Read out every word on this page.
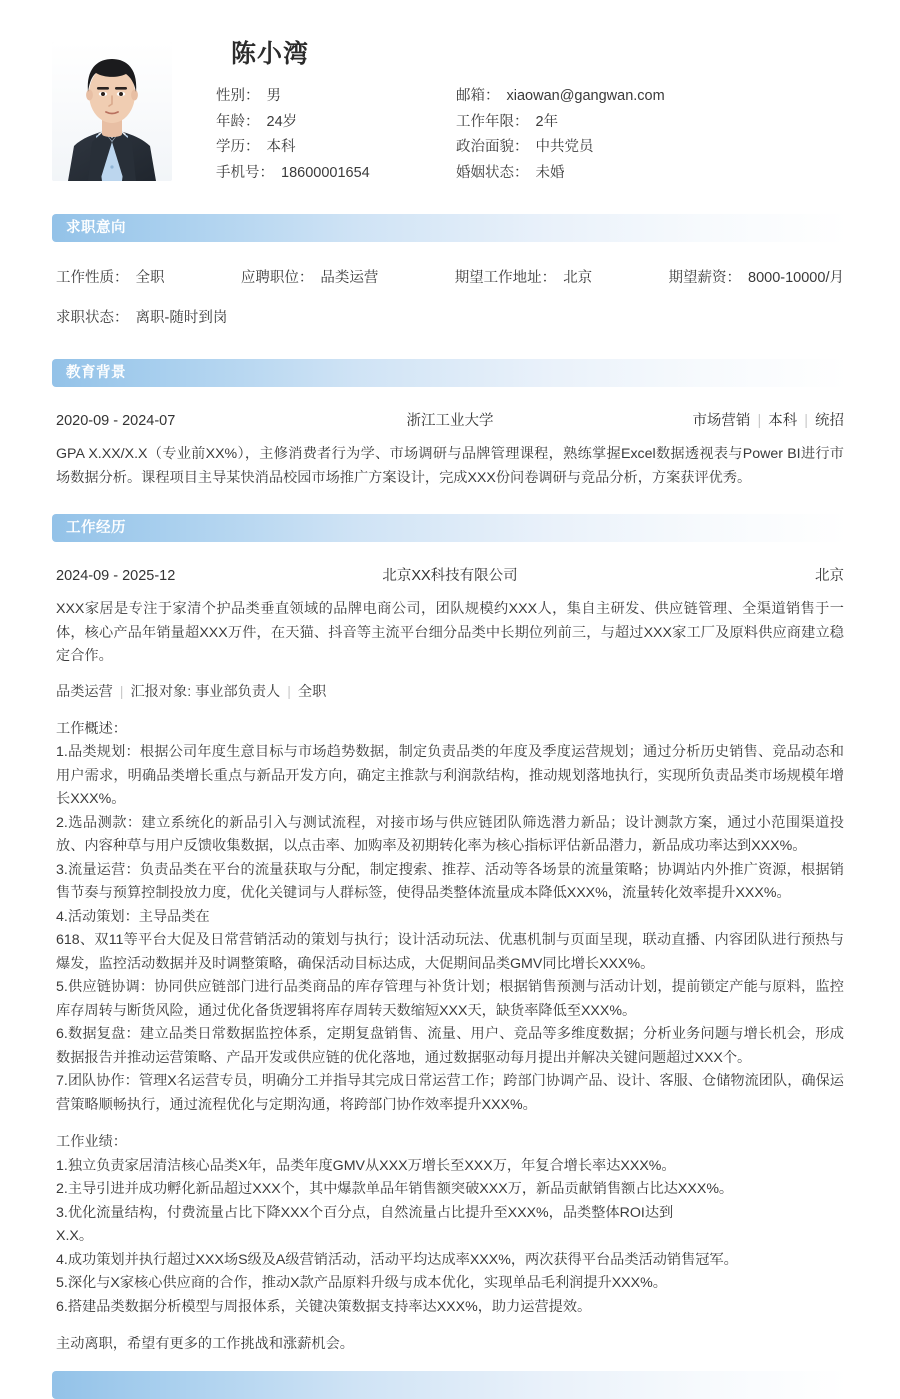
陈小湾
性别： 男	邮箱： xiaowan@gangwan.com
年龄： 24岁	工作年限： 2年
学历： 本科	政治面貌： 中共党员
手机号： 18600001654	婚姻状态： 未婚
求职意向
工作性质： 全职	应聘职位： 品类运营	期望工作地址： 北京	期望薪资： 8000-10000/月
求职状态： 离职-随时到岗
教育背景
2020-09 - 2024-07	浙江工业大学	市场营销 | 本科 | 统招
GPA X.XX/X.X（专业前XX%），主修消费者行为学、市场调研与品牌管理课程，熟练掌握Excel数据透视表与Power BI进行市场数据分析。课程项目主导某快消品校园市场推广方案设计，完成XXX份问卷调研与竞品分析，方案获评优秀。
工作经历
2024-09 - 2025-12	北京XX科技有限公司	北京
XXX家居是专注于家清个护品类垂直领域的品牌电商公司，团队规模约XXX人，集自主研发、供应链管理、全渠道销售于一体，核心产品年销量超XXX万件，在天猫、抖音等主流平台细分品类中长期位列前三，与超过XXX家工厂及原料供应商建立稳定合作。
品类运营 | 汇报对象: 事业部负责人 | 全职
工作概述：
1.品类规划：根据公司年度生意目标与市场趋势数据，制定负责品类的年度及季度运营规划；通过分析历史销售、竞品动态和用户需求，明确品类增长重点与新品开发方向，确定主推款与利润款结构，推动规划落地执行，实现所负责品类市场规模年增长XXX%。
2.选品测款：建立系统化的新品引入与测试流程，对接市场与供应链团队筛选潜力新品；设计测款方案，通过小范围渠道投放、内容种草与用户反馈收集数据，以点击率、加购率及初期转化率为核心指标评估新品潜力，新品成功率达到XXX%。
3.流量运营：负责品类在平台的流量获取与分配，制定搜索、推荐、活动等各场景的流量策略；协调站内外推广资源，根据销售节奏与预算控制投放力度，优化关键词与人群标签，使得品类整体流量成本降低XXX%，流量转化效率提升XXX%。
4.活动策划：主导品类在
618、双11等平台大促及日常营销活动的策划与执行；设计活动玩法、优惠机制与页面呈现，联动直播、内容团队进行预热与爆发，监控活动数据并及时调整策略，确保活动目标达成，大促期间品类GMV同比增长XXX%。
5.供应链协调：协同供应链部门进行品类商品的库存管理与补货计划；根据销售预测与活动计划，提前锁定产能与原料，监控库存周转与断货风险，通过优化备货逻辑将库存周转天数缩短XXX天，缺货率降低至XXX%。
6.数据复盘：建立品类日常数据监控体系，定期复盘销售、流量、用户、竞品等多维度数据；分析业务问题与增长机会，形成数据报告并推动运营策略、产品开发或供应链的优化落地，通过数据驱动每月提出并解决关键问题超过XXX个。
7.团队协作：管理X名运营专员，明确分工并指导其完成日常运营工作；跨部门协调产品、设计、客服、仓储物流团队，确保运营策略顺畅执行，通过流程优化与定期沟通，将跨部门协作效率提升XXX%。
工作业绩：
1.独立负责家居清洁核心品类X年，品类年度GMV从XXX万增长至XXX万，年复合增长率达XXX%。
2.主导引进并成功孵化新品超过XXX个，其中爆款单品年销售额突破XXX万，新品贡献销售额占比达XXX%。
3.优化流量结构，付费流量占比下降XXX个百分点，自然流量占比提升至XXX%，品类整体ROI达到
X.X。
4.成功策划并执行超过XXX场S级及A级营销活动，活动平均达成率XXX%，两次获得平台品类活动销售冠军。
5.深化与X家核心供应商的合作，推动X款产品原料升级与成本优化，实现单品毛利润提升XXX%。
6.搭建品类数据分析模型与周报体系，关键决策数据支持率达XXX%，助力运营提效。
主动离职，希望有更多的工作挑战和涨薪机会。
